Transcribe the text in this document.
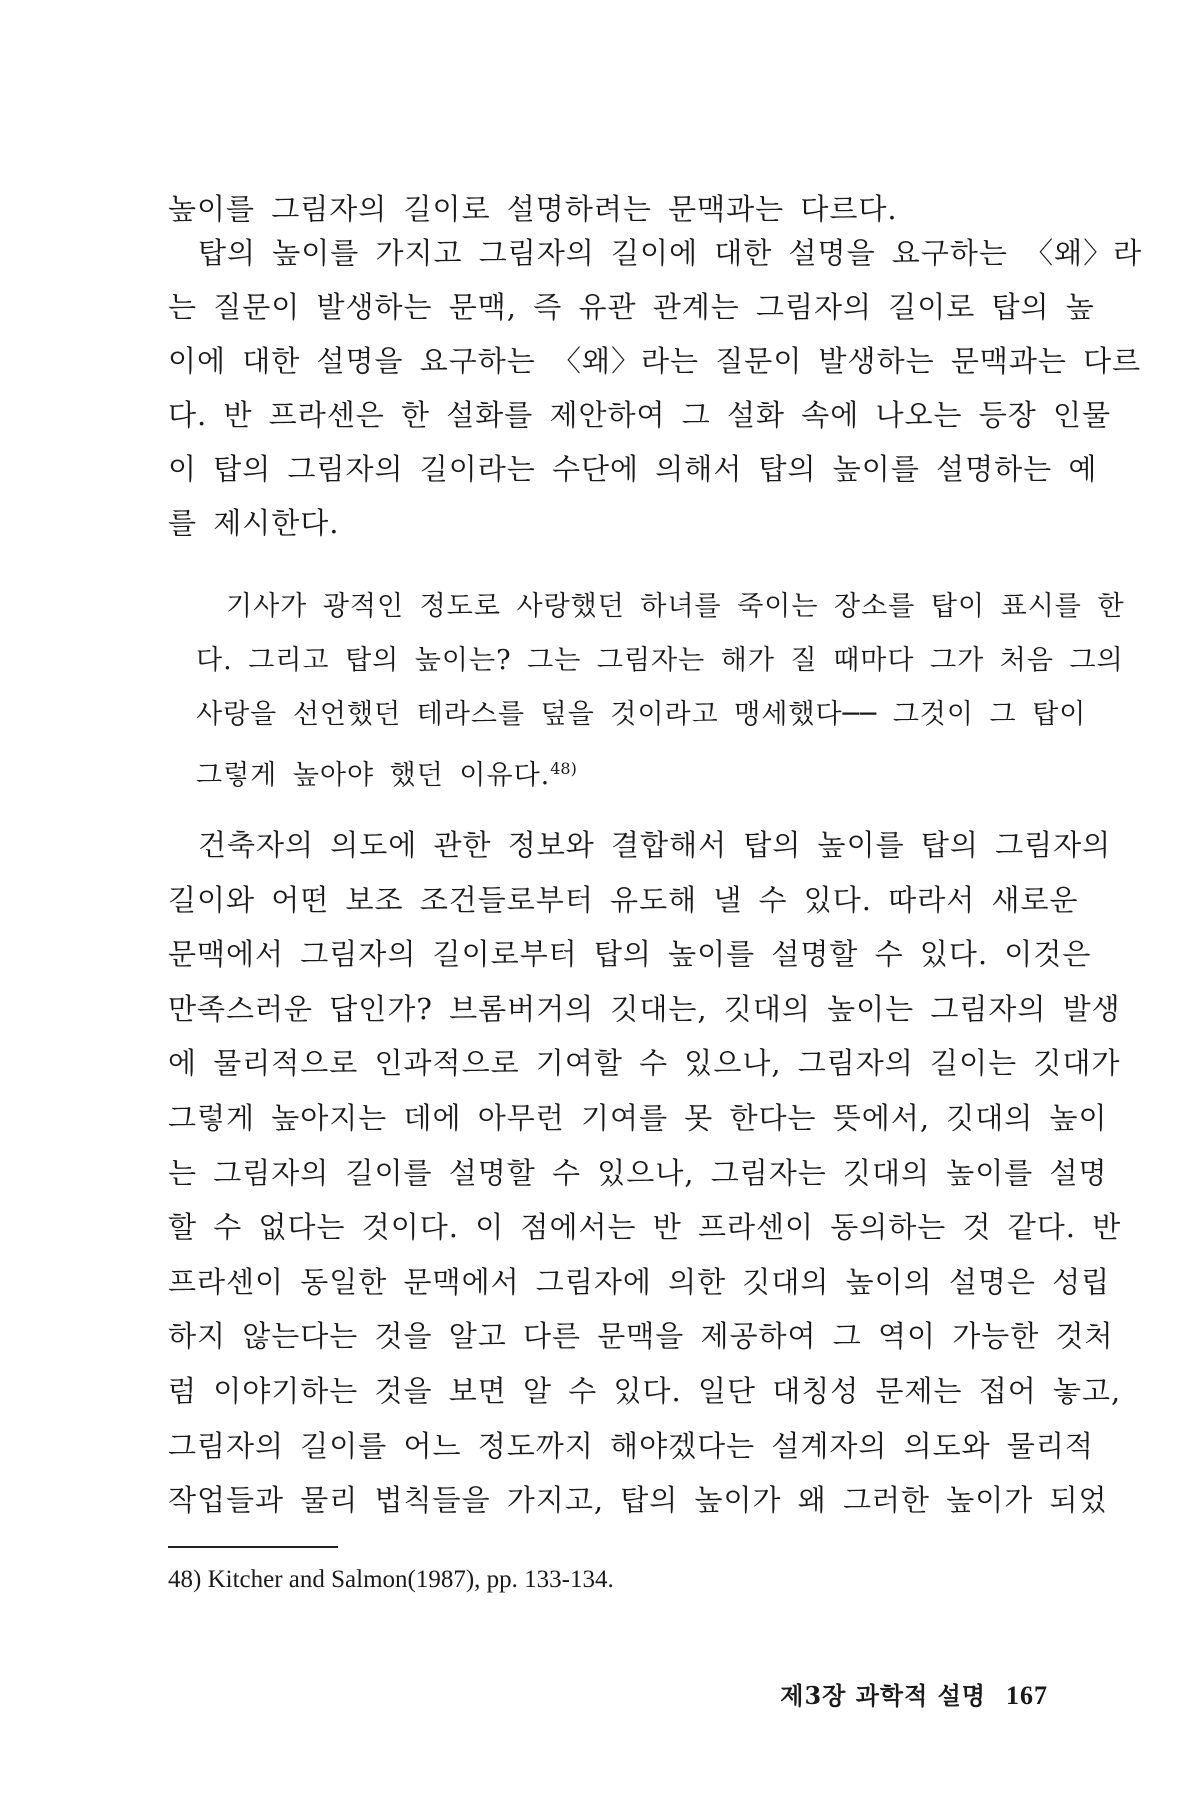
높이를 그림자의 길이로 설명하려는 문맥과는 다르다.
탑의 높이를 가지고 그림자의 길이에 대한 설명을 요구하는 〈왜〉라
는 질문이 발생하는 문맥, 즉 유관 관계는 그림자의 길이로 탑의 높
이에 대한 설명을 요구하는 〈왜〉라는 질문이 발생하는 문맥과는 다르
다. 반 프라센은 한 설화를 제안하여 그 설화 속에 나오는 등장 인물
이 탑의 그림자의 길이라는 수단에 의해서 탑의 높이를 설명하는 예
를 제시한다.
기사가 광적인 정도로 사랑했던 하녀를 죽이는 장소를 탑이 표시를 한
다. 그리고 탑의 높이는? 그는 그림자는 해가 질 때마다 그가 처음 그의
사랑을 선언했던 테라스를 덮을 것이라고 맹세했다── 그것이 그 탑이
그렇게 높아야 했던 이유다.$^{48)}$
건축자의 의도에 관한 정보와 결합해서 탑의 높이를 탑의 그림자의
길이와 어떤 보조 조건들로부터 유도해 낼 수 있다. 따라서 새로운
문맥에서 그림자의 길이로부터 탑의 높이를 설명할 수 있다. 이것은
만족스러운 답인가? 브롬버거의 깃대는, 깃대의 높이는 그림자의 발생
에 물리적으로 인과적으로 기여할 수 있으나, 그림자의 길이는 깃대가
그렇게 높아지는 데에 아무런 기여를 못 한다는 뜻에서, 깃대의 높이
는 그림자의 길이를 설명할 수 있으나, 그림자는 깃대의 높이를 설명
할 수 없다는 것이다. 이 점에서는 반 프라센이 동의하는 것 같다. 반
프라센이 동일한 문맥에서 그림자에 의한 깃대의 높이의 설명은 성립
하지 않는다는 것을 알고 다른 문맥을 제공하여 그 역이 가능한 것처
럼 이야기하는 것을 보면 알 수 있다. 일단 대칭성 문제는 접어 놓고,
그림자의 길이를 어느 정도까지 해야겠다는 설계자의 의도와 물리적
작업들과 물리 법칙들을 가지고, 탑의 높이가 왜 그러한 높이가 되었
48) Kitcher and Salmon(1987), pp. 133-134.
제3장 과학적 설명 167
